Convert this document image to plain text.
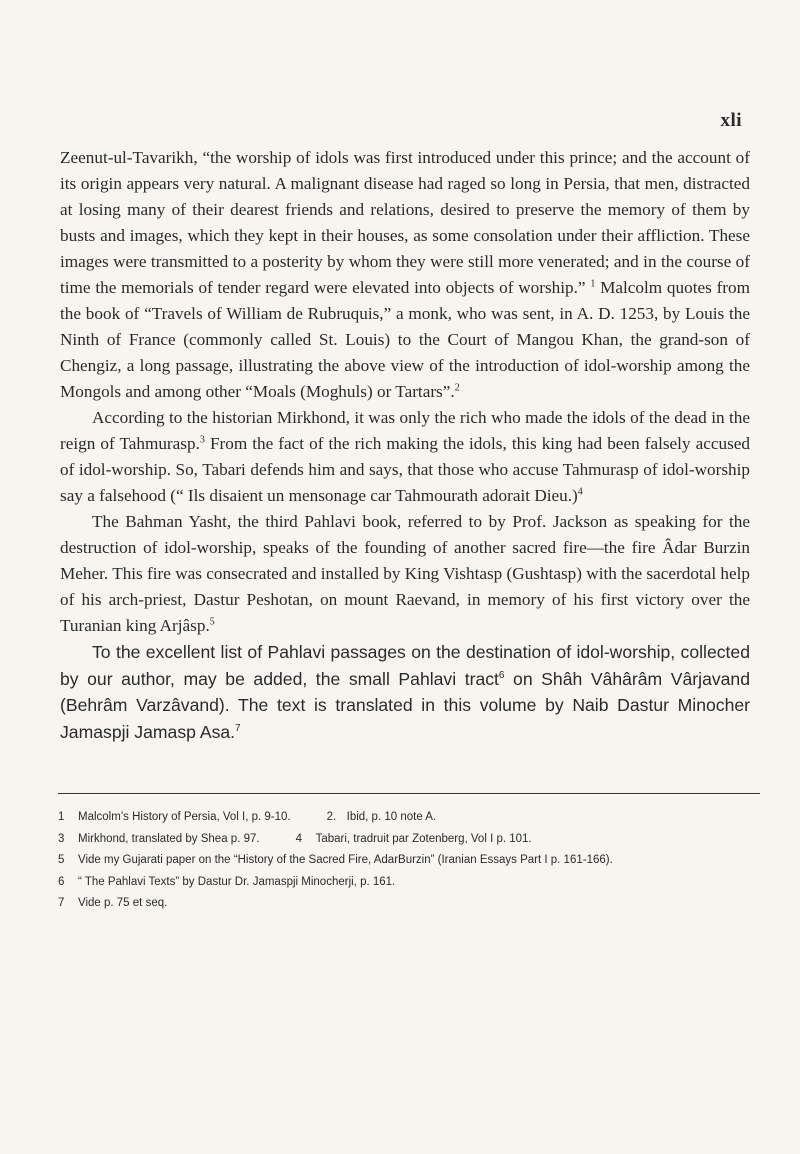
xli

Zeenut-ul-Tavarikh, “the worship of idols was first introduced under this prince; and the account of its origin appears very natural. A malignant disease had raged so long in Persia, that men, distracted at losing many of their dearest friends and relations, desired to preserve the memory of them by busts and images, which they kept in their houses, as some consolation under their affliction. These images were transmitted to a posterity by whom they were still more venerated; and in the course of time the memorials of tender regard were elevated into objects of worship.” $^1$ Malcolm quotes from the book of “Travels of William de Rubruquis,” a monk, who was sent, in A. D. 1253, by Louis the Ninth of France (commonly called St. Louis) to the Court of Mangou Khan, the grand-son of Chengiz, a long passage, illustrating the above view of the introduction of idol-worship among the Mongols and among other “Moals (Moghuls) or Tartars”.$^2$

According to the historian Mirkhond, it was only the rich who made the idols of the dead in the reign of Tahmurasp.$^3$ From the fact of the rich making the idols, this king had been falsely accused of idol-worship. So, Tabari defends him and says, that those who accuse Tahmurasp of idol-worship say a falsehood (“ Ils disaient un mensonage car Tahmourath adorait Dieu.)$^4$

The Bahman Yasht, the third Pahlavi book, referred to by Prof. Jackson as speaking for the destruction of idol-worship, speaks of the founding of another sacred fire—the fire Âdar Burzin Meher. This fire was consecrated and installed by King Vishtasp (Gushtasp) with the sacerdotal help of his arch-priest, Dastur Peshotan, on mount Raevand, in memory of his first victory over the Turanian king Arjâsp.$^5$

To the excellent list of Pahlavi passages on the destination of idol-worship, collected by our author, may be added, the small Pahlavi tract$^6$ on Shâh Vâhârâm Vârjavand (Behrâm Varzâvand). The text is translated in this volume by Naib Dastur Minocher Jamaspji Jamasp Asa.$^7$

1	Malcolm’s History of Persia, Vol I, p. 9-10.	2. Ibid, p. 10 note A.
3	Mirkhond, translated by Shea p. 97.	4	Tabari, tradruit par Zotenberg, Vol I p. 101.
5	Vide my Gujarati paper on the “History of the Sacred Fire, AdarBurzin” (Iranian Essays Part I p. 161-166).
6	“ The Pahlavi Texts” by Dastur Dr. Jamaspji Minocherji, p. 161.
7	Vide p. 75 et seq.
